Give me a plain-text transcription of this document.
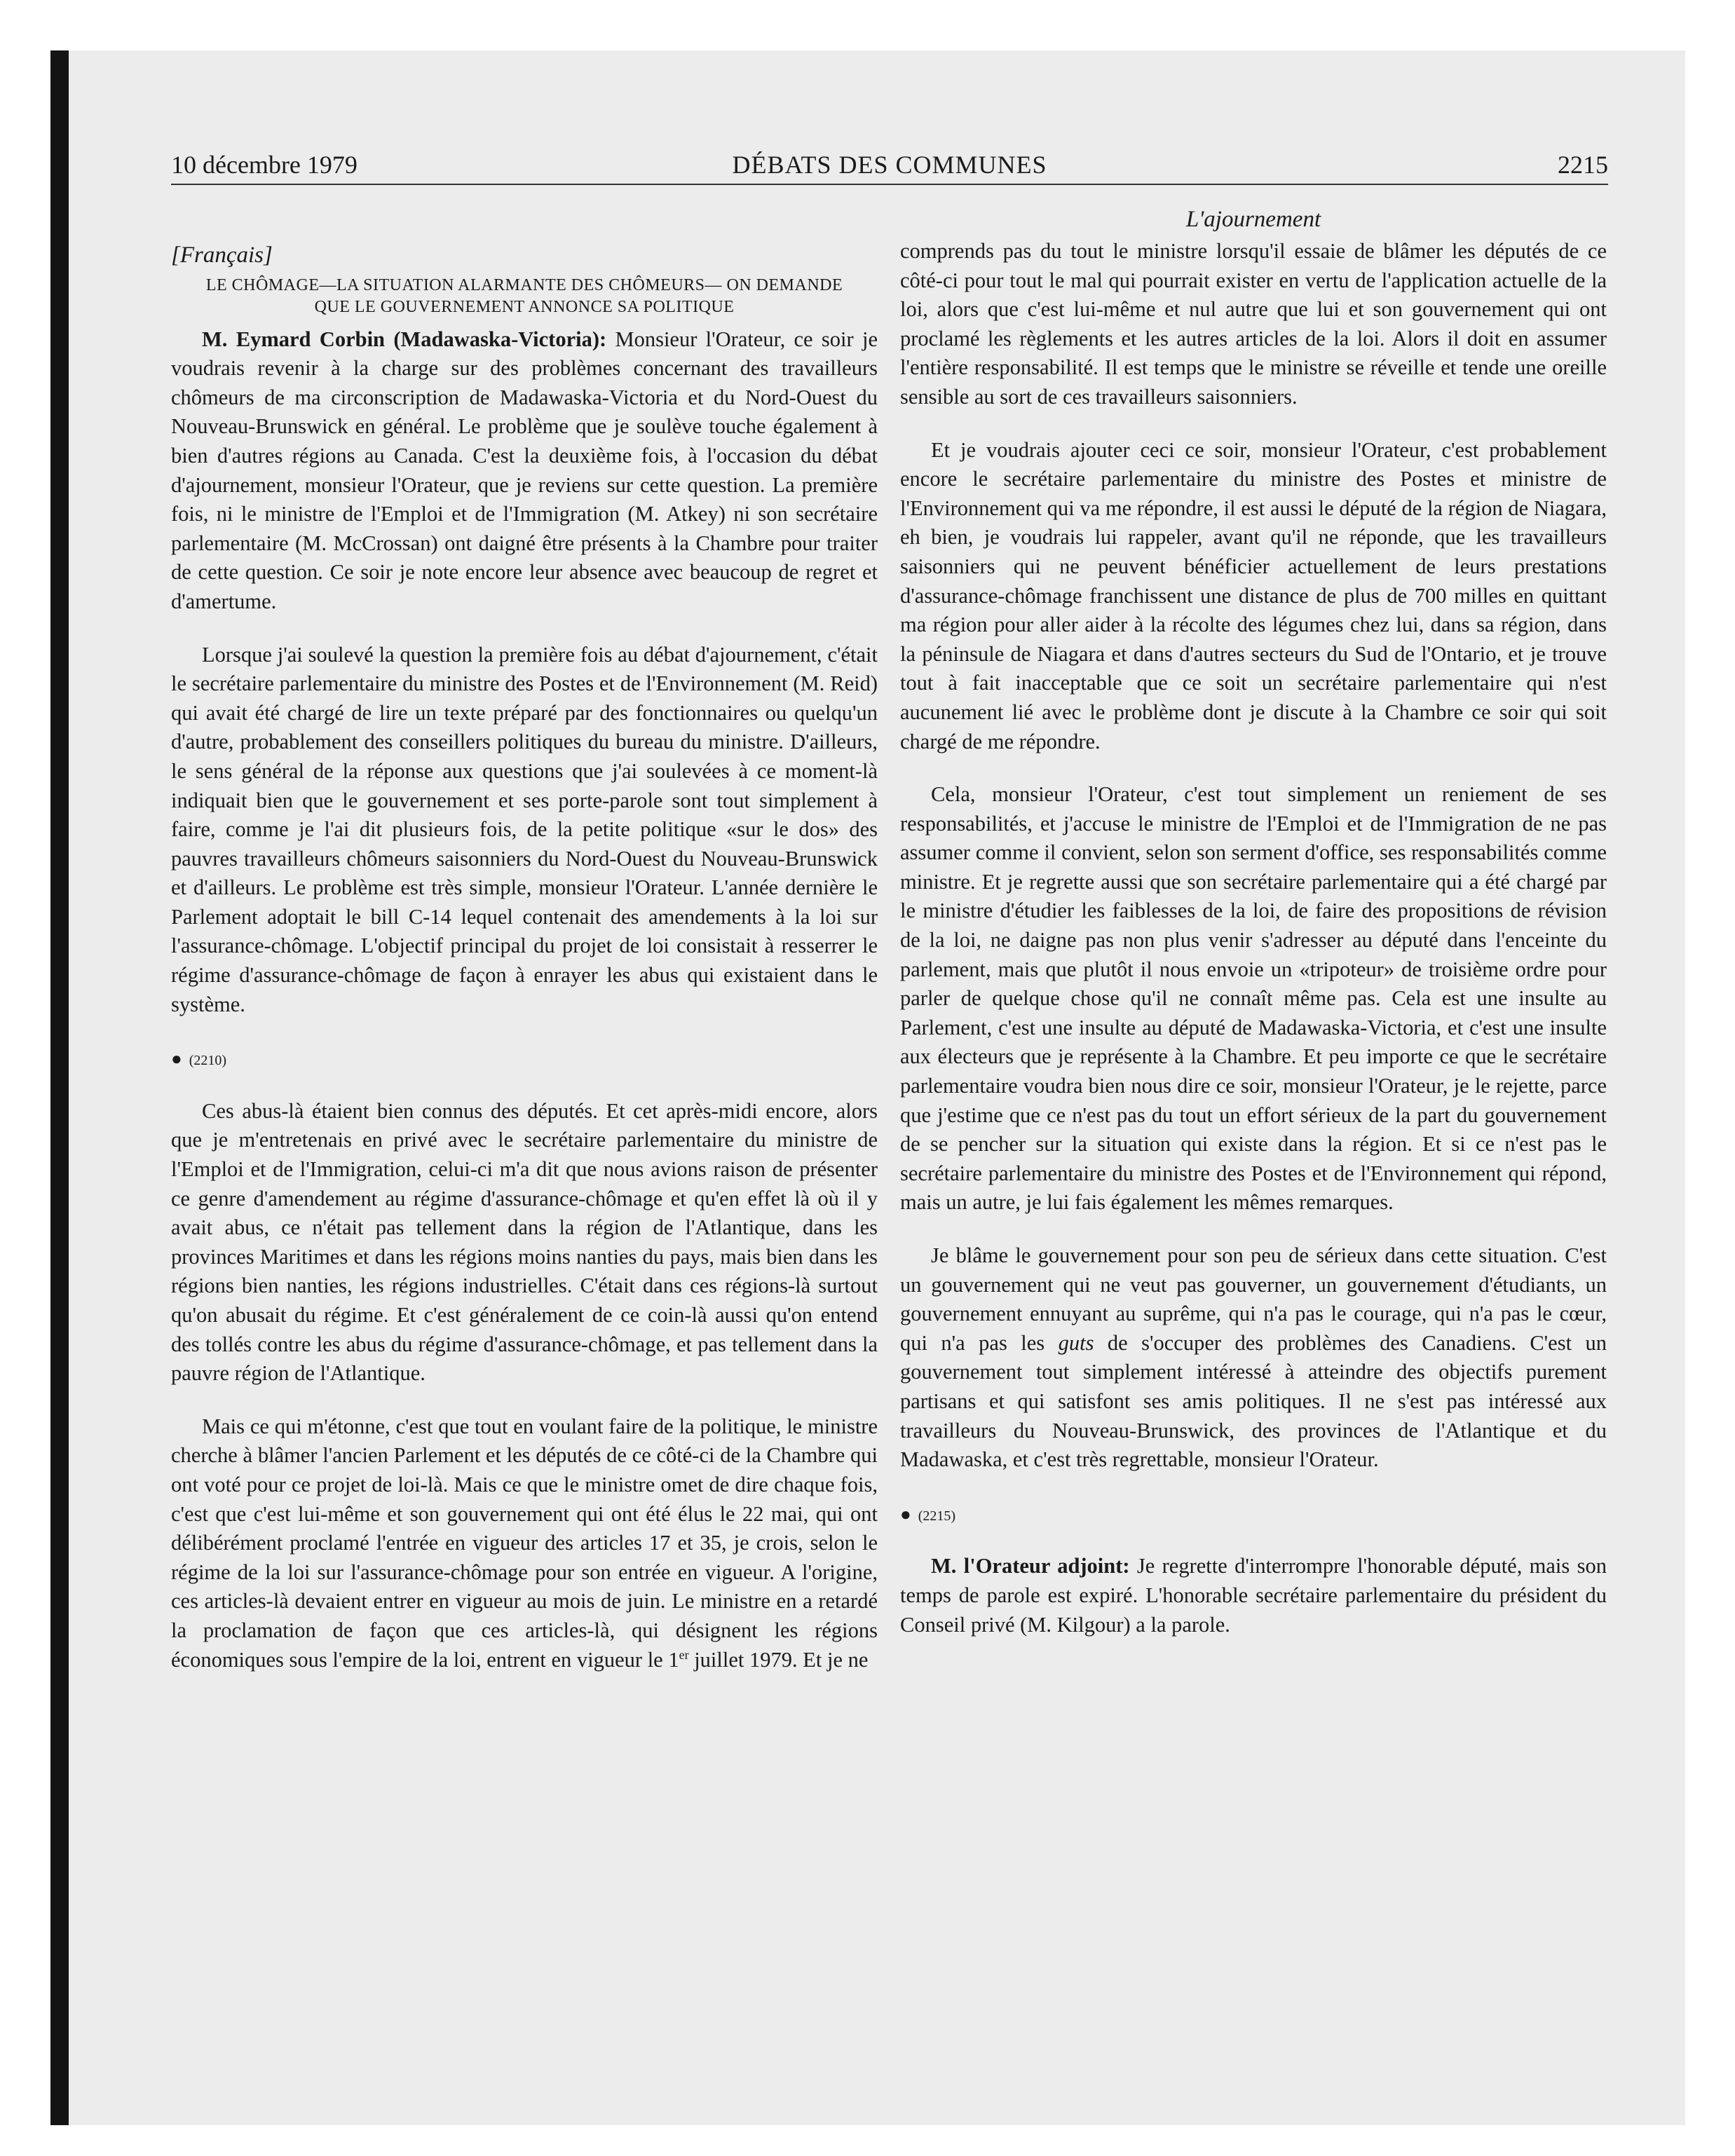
10 décembre 1979	DÉBATS DES COMMUNES	2215
[Français]
LE CHÔMAGE—LA SITUATION ALARMANTE DES CHÔMEURS— ON DEMANDE QUE LE GOUVERNEMENT ANNONCE SA POLITIQUE

M. Eymard Corbin (Madawaska-Victoria): Monsieur l'Orateur, ce soir je voudrais revenir à la charge sur des problèmes concernant des travailleurs chômeurs de ma circonscription de Madawaska-Victoria et du Nord-Ouest du Nouveau-Brunswick en général. Le problème que je soulève touche également à bien d'autres régions au Canada. C'est la deuxième fois, à l'occasion du débat d'ajournement, monsieur l'Orateur, que je reviens sur cette question. La première fois, ni le ministre de l'Emploi et de l'Immigration (M. Atkey) ni son secrétaire parlementaire (M. McCrossan) ont daigné être présents à la Chambre pour traiter de cette question. Ce soir je note encore leur absence avec beaucoup de regret et d'amertume.

Lorsque j'ai soulevé la question la première fois au débat d'ajournement, c'était le secrétaire parlementaire du ministre des Postes et de l'Environnement (M. Reid) qui avait été chargé de lire un texte préparé par des fonctionnaires ou quelqu'un d'autre, probablement des conseillers politiques du bureau du ministre. D'ailleurs, le sens général de la réponse aux questions que j'ai soulevées à ce moment-là indiquait bien que le gouvernement et ses porte-parole sont tout simplement à faire, comme je l'ai dit plusieurs fois, de la petite politique «sur le dos» des pauvres travailleurs chômeurs saisonniers du Nord-Ouest du Nouveau-Brunswick et d'ailleurs. Le problème est très simple, monsieur l'Orateur. L'année dernière le Parlement adoptait le bill C-14 lequel contenait des amendements à la loi sur l'assurance-chômage. L'objectif principal du projet de loi consistait à resserrer le régime d'assurance-chômage de façon à enrayer les abus qui existaient dans le système.

● (2210)

Ces abus-là étaient bien connus des députés. Et cet après-midi encore, alors que je m'entretenais en privé avec le secrétaire parlementaire du ministre de l'Emploi et de l'Immigration, celui-ci m'a dit que nous avions raison de présenter ce genre d'amendement au régime d'assurance-chômage et qu'en effet là où il y avait abus, ce n'était pas tellement dans la région de l'Atlantique, dans les provinces Maritimes et dans les régions moins nanties du pays, mais bien dans les régions bien nanties, les régions industrielles. C'était dans ces régions-là surtout qu'on abusait du régime. Et c'est généralement de ce coin-là aussi qu'on entend des tollés contre les abus du régime d'assurance-chômage, et pas tellement dans la pauvre région de l'Atlantique.

Mais ce qui m'étonne, c'est que tout en voulant faire de la politique, le ministre cherche à blâmer l'ancien Parlement et les députés de ce côté-ci de la Chambre qui ont voté pour ce projet de loi-là. Mais ce que le ministre omet de dire chaque fois, c'est que c'est lui-même et son gouvernement qui ont été élus le 22 mai, qui ont délibérément proclamé l'entrée en vigueur des articles 17 et 35, je crois, selon le régime de la loi sur l'assurance-chômage pour son entrée en vigueur. A l'origine, ces articles-là devaient entrer en vigueur au mois de juin. Le ministre en a retardé la proclamation de façon que ces articles-là, qui désignent les régions économiques sous l'empire de la loi, entrent en vigueur le 1er juillet 1979. Et je ne

L'ajournement

comprends pas du tout le ministre lorsqu'il essaie de blâmer les députés de ce côté-ci pour tout le mal qui pourrait exister en vertu de l'application actuelle de la loi, alors que c'est lui-même et nul autre que lui et son gouvernement qui ont proclamé les règlements et les autres articles de la loi. Alors il doit en assumer l'entière responsabilité. Il est temps que le ministre se réveille et tende une oreille sensible au sort de ces travailleurs saisonniers.

Et je voudrais ajouter ceci ce soir, monsieur l'Orateur, c'est probablement encore le secrétaire parlementaire du ministre des Postes et ministre de l'Environnement qui va me répondre, il est aussi le député de la région de Niagara, eh bien, je voudrais lui rappeler, avant qu'il ne réponde, que les travailleurs saisonniers qui ne peuvent bénéficier actuellement de leurs prestations d'assurance-chômage franchissent une distance de plus de 700 milles en quittant ma région pour aller aider à la récolte des légumes chez lui, dans sa région, dans la péninsule de Niagara et dans d'autres secteurs du Sud de l'Ontario, et je trouve tout à fait inacceptable que ce soit un secrétaire parlementaire qui n'est aucunement lié avec le problème dont je discute à la Chambre ce soir qui soit chargé de me répondre.

Cela, monsieur l'Orateur, c'est tout simplement un reniement de ses responsabilités, et j'accuse le ministre de l'Emploi et de l'Immigration de ne pas assumer comme il convient, selon son serment d'office, ses responsabilités comme ministre. Et je regrette aussi que son secrétaire parlementaire qui a été chargé par le ministre d'étudier les faiblesses de la loi, de faire des propositions de révision de la loi, ne daigne pas non plus venir s'adresser au député dans l'enceinte du parlement, mais que plutôt il nous envoie un «tripoteur» de troisième ordre pour parler de quelque chose qu'il ne connaît même pas. Cela est une insulte au Parlement, c'est une insulte au député de Madawaska-Victoria, et c'est une insulte aux électeurs que je représente à la Chambre. Et peu importe ce que le secrétaire parlementaire voudra bien nous dire ce soir, monsieur l'Orateur, je le rejette, parce que j'estime que ce n'est pas du tout un effort sérieux de la part du gouvernement de se pencher sur la situation qui existe dans la région. Et si ce n'est pas le secrétaire parlementaire du ministre des Postes et de l'Environnement qui répond, mais un autre, je lui fais également les mêmes remarques.

Je blâme le gouvernement pour son peu de sérieux dans cette situation. C'est un gouvernement qui ne veut pas gouverner, un gouvernement d'étudiants, un gouvernement ennuyant au suprême, qui n'a pas le courage, qui n'a pas le cœur, qui n'a pas les guts de s'occuper des problèmes des Canadiens. C'est un gouvernement tout simplement intéressé à atteindre des objectifs purement partisans et qui satisfont ses amis politiques. Il ne s'est pas intéressé aux travailleurs du Nouveau-Brunswick, des provinces de l'Atlantique et du Madawaska, et c'est très regrettable, monsieur l'Orateur.

● (2215)

M. l'Orateur adjoint: Je regrette d'interrompre l'honorable député, mais son temps de parole est expiré. L'honorable secrétaire parlementaire du président du Conseil privé (M. Kilgour) a la parole.
